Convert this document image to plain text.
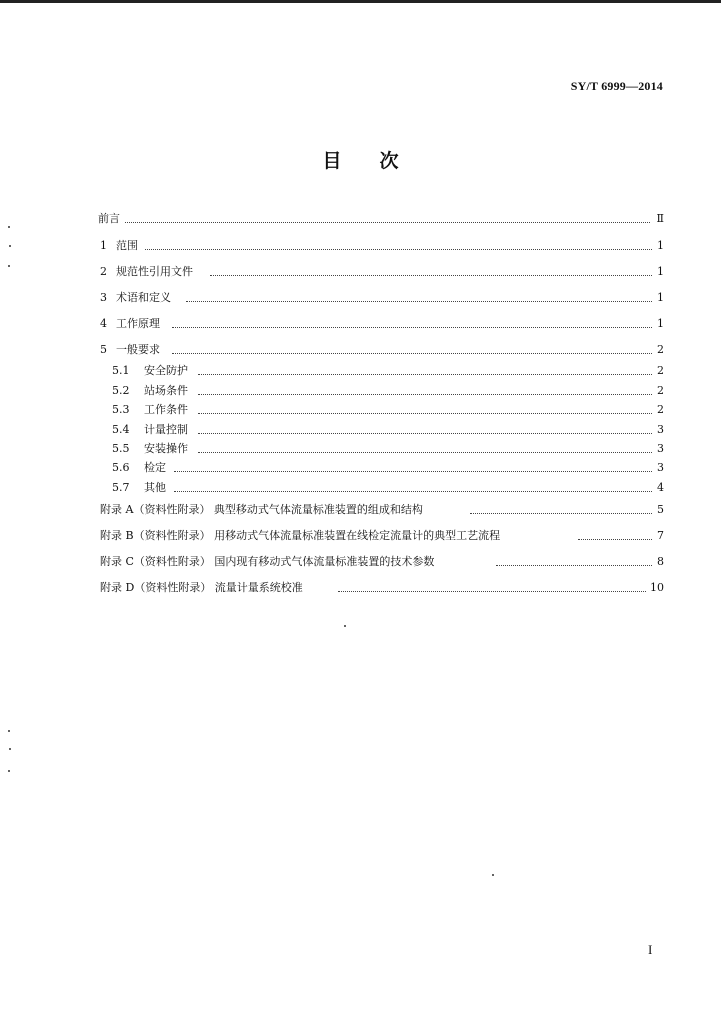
SY/T 6999—2014
目 次
前言	Ⅱ
1 范围	1
2 规范性引用文件	1
3 术语和定义	1
4 工作原理	1
5 一般要求	2
5.1	安全防护	2
5.2	站场条件	2
5.3	工作条件	2
5.4	计量控制	3
5.5	安装操作	3
5.6	检定	3
5.7	其他	4
附录 A（资料性附录） 典型移动式气体流量标准装置的组成和结构	5
附录 B（资料性附录） 用移动式气体流量标准装置在线检定流量计的典型工艺流程	7
附录 C（资料性附录） 国内现有移动式气体流量标准装置的技术参数	8
附录 D（资料性附录） 流量计量系统校准	10
I
